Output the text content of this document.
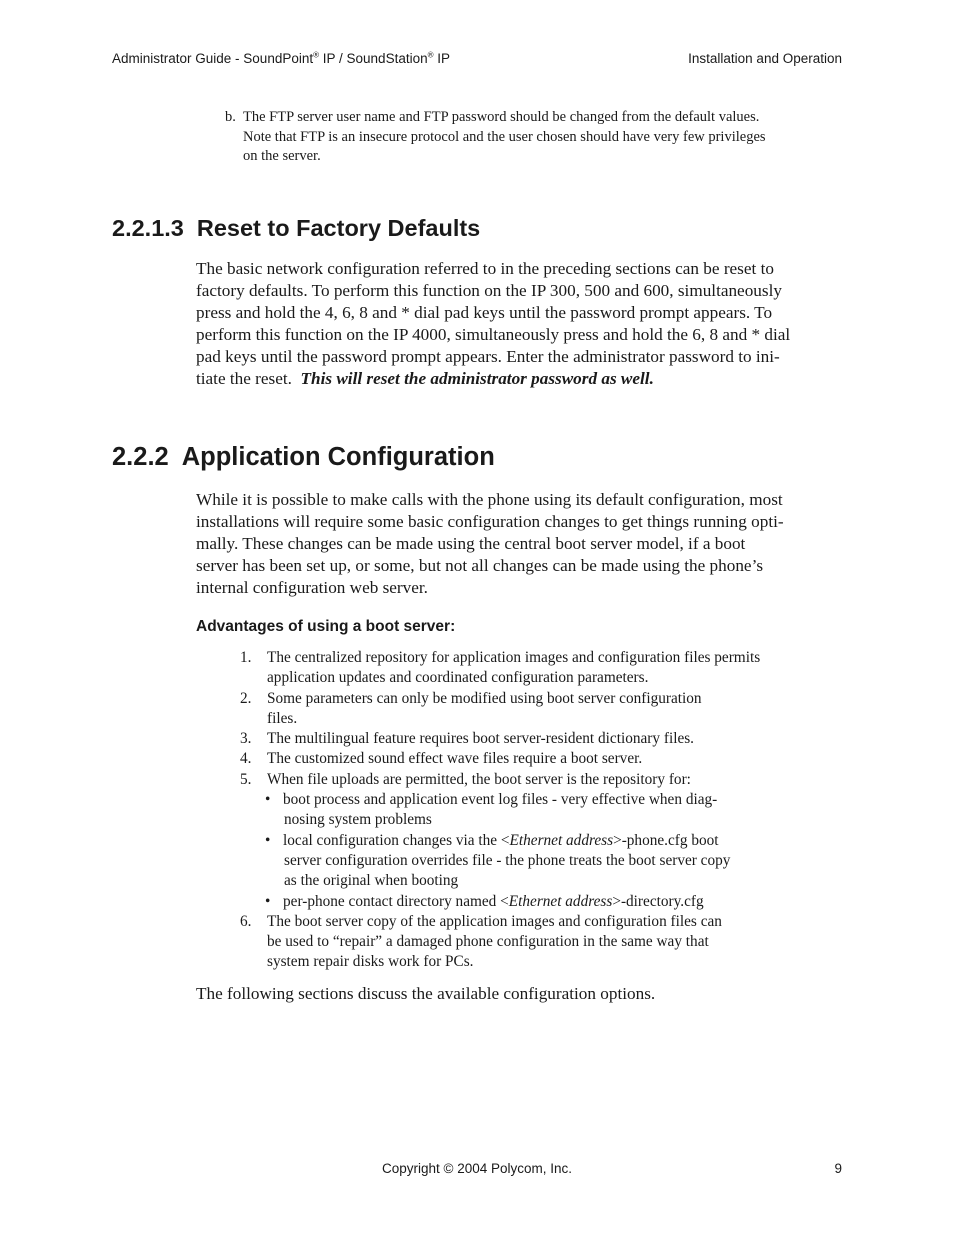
Administrator Guide - SoundPoint® IP / SoundStation® IP	Installation and Operation
b. The FTP server user name and FTP password should be changed from the default values.
Note that FTP is an insecure protocol and the user chosen should have very few privileges
on the server.
2.2.1.3 Reset to Factory Defaults
The basic network configuration referred to in the preceding sections can be reset to
factory defaults. To perform this function on the IP 300, 500 and 600, simultaneously
press and hold the 4, 6, 8 and * dial pad keys until the password prompt appears. To
perform this function on the IP 4000, simultaneously press and hold the 6, 8 and * dial
pad keys until the password prompt appears. Enter the administrator password to ini-
tiate the reset.  This will reset the administrator password as well.
2.2.2 Application Configuration
While it is possible to make calls with the phone using its default configuration, most
installations will require some basic configuration changes to get things running opti-
mally. These changes can be made using the central boot server model, if a boot
server has been set up, or some, but not all changes can be made using the phone’s
internal configuration web server.
Advantages of using a boot server:
1. The centralized repository for application images and configuration files permits
application updates and coordinated configuration parameters.
2. Some parameters can only be modified using boot server configuration
files.
3. The multilingual feature requires boot server-resident dictionary files.
4. The customized sound effect wave files require a boot server.
5. When file uploads are permitted, the boot server is the repository for:
• boot process and application event log files - very effective when diag-
nosing system problems
• local configuration changes via the <Ethernet address>-phone.cfg boot
server configuration overrides file - the phone treats the boot server copy
as the original when booting
• per-phone contact directory named <Ethernet address>-directory.cfg
6. The boot server copy of the application images and configuration files can
be used to “repair” a damaged phone configuration in the same way that
system repair disks work for PCs.
The following sections discuss the available configuration options.
Copyright © 2004 Polycom, Inc.	9
